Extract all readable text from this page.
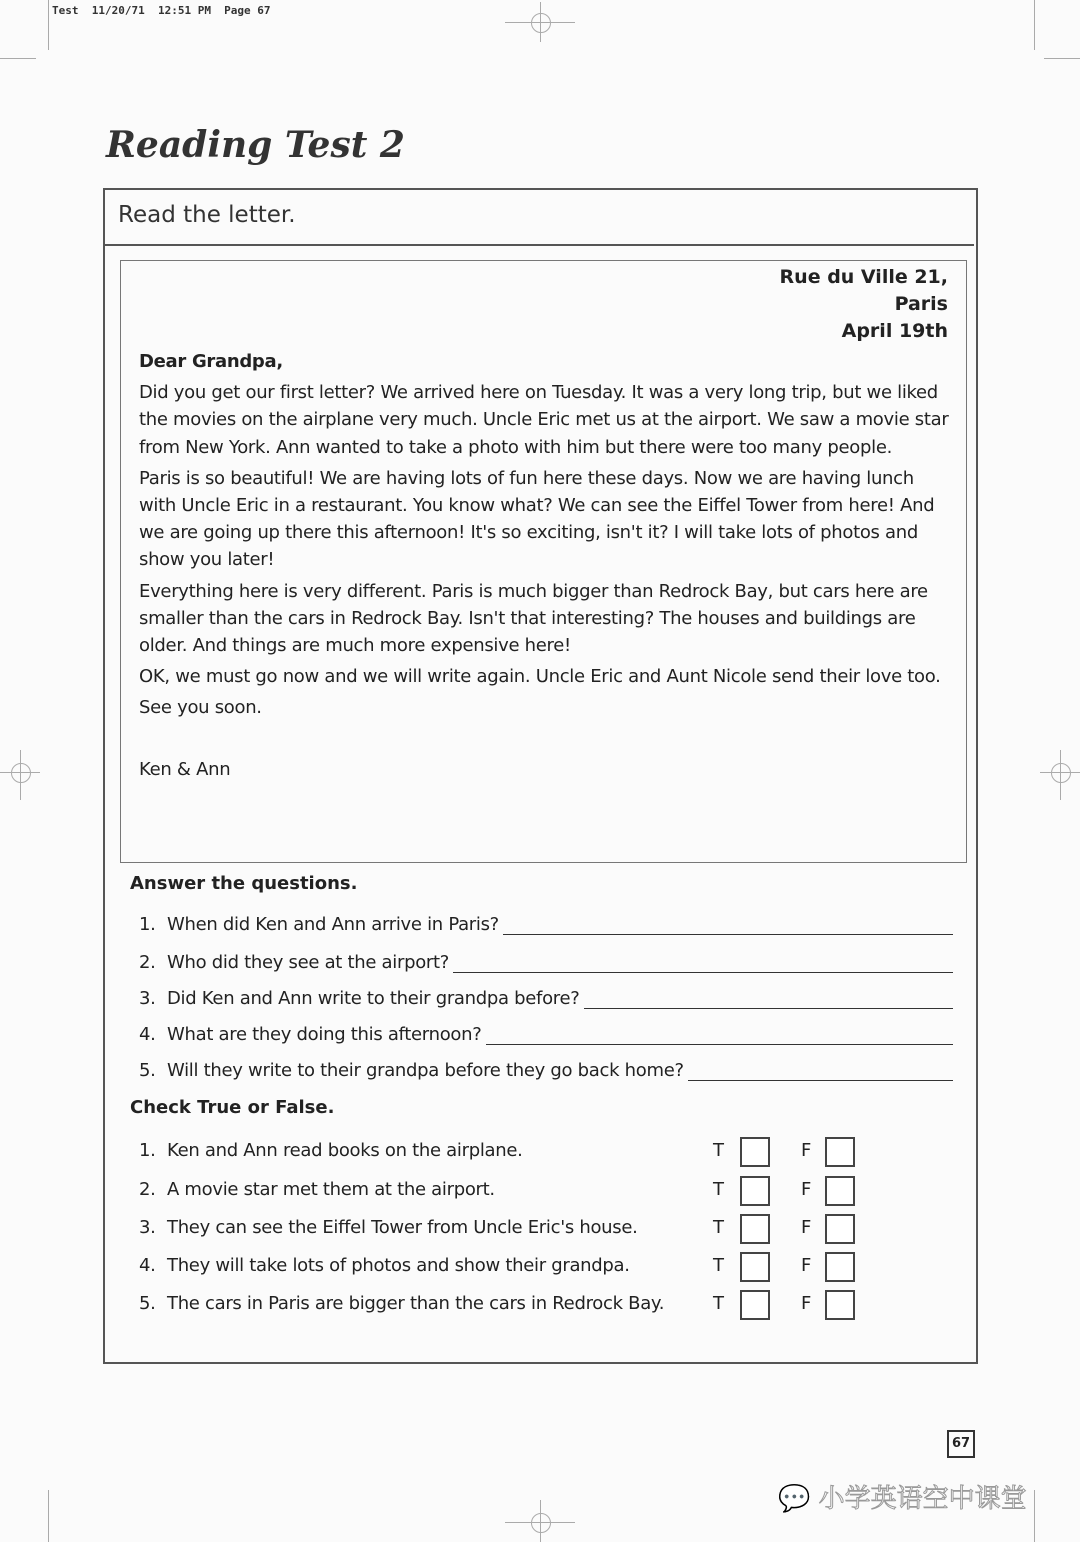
Test  11/20/71  12:51 PM  Page 67
Reading Test 2
Read the letter.
Rue du Ville 21,
Paris
April 19th

Dear Grandpa,

Did you get our first letter? We arrived here on Tuesday. It was a very long trip, but we liked the movies on the airplane very much. Uncle Eric met us at the airport. We saw a movie star from New York. Ann wanted to take a photo with him but there were too many people.

Paris is so beautiful! We are having lots of fun here these days. Now we are having lunch with Uncle Eric in a restaurant. You know what? We can see the Eiffel Tower from here! And we are going up there this afternoon! It's so exciting, isn't it? I will take lots of photos and show you later!

Everything here is very different. Paris is much bigger than Redrock Bay, but cars here are smaller than the cars in Redrock Bay. Isn't that interesting? The houses and buildings are older. And things are much more expensive here!

OK, we must go now and we will write again. Uncle Eric and Aunt Nicole send their love too.

See you soon.

Ken & Ann

Answer the questions.
1. When did Ken and Ann arrive in Paris?
2. Who did they see at the airport?
3. Did Ken and Ann write to their grandpa before?
4. What are they doing this afternoon?
5. Will they write to their grandpa before they go back home?
Check True or False.
1. Ken and Ann read books on the airplane.	T	F
2. A movie star met them at the airport.	T	F
3. They can see the Eiffel Tower from Uncle Eric's house.	T	F
4. They will take lots of photos and show their grandpa.	T	F
5. The cars in Paris are bigger than the cars in Redrock Bay.	T	F
67
💬 小学英语空中课堂
